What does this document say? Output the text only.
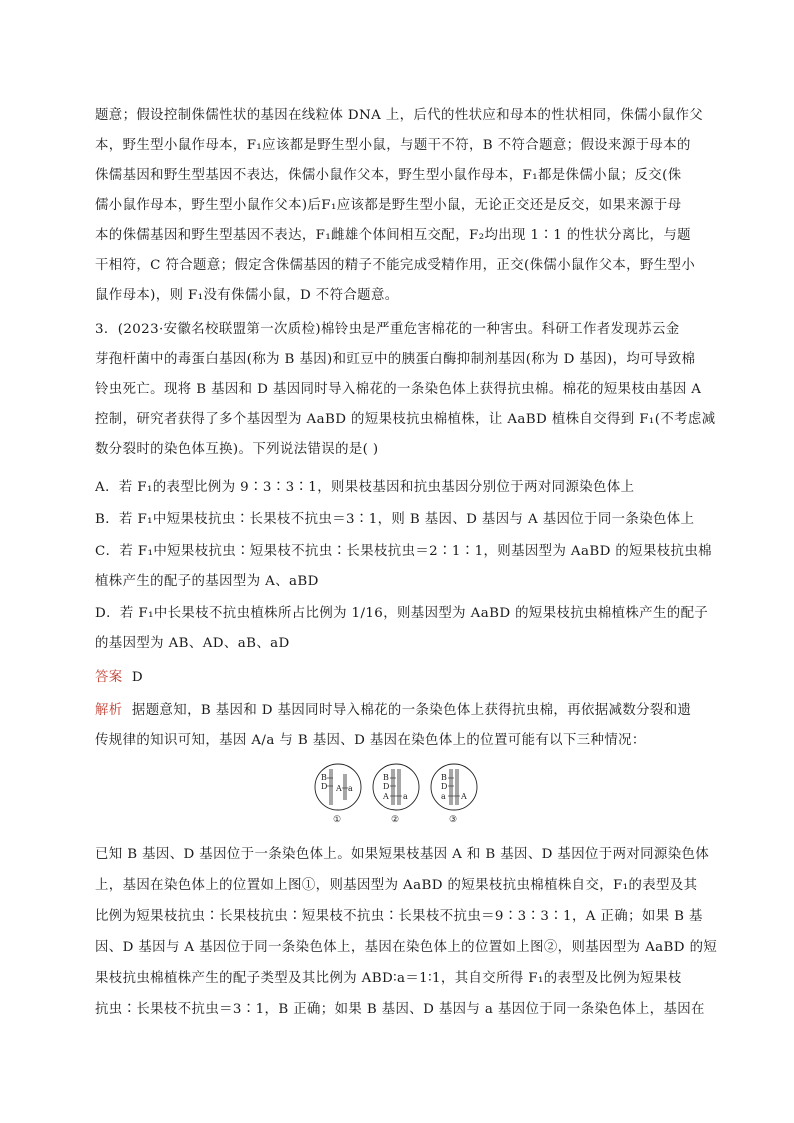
题意；假设控制侏儒性状的基因在线粒体 DNA 上，后代的性状应和母本的性状相同，侏儒小鼠作父
本，野生型小鼠作母本，F₁应该都是野生型小鼠，与题干不符，B 不符合题意；假设来源于母本的
侏儒基因和野生型基因不表达，侏儒小鼠作父本，野生型小鼠作母本，F₁都是侏儒小鼠；反交(侏
儒小鼠作母本，野生型小鼠作父本)后F₁应该都是野生型小鼠，无论正交还是反交，如果来源于母
本的侏儒基因和野生型基因不表达，F₁雌雄个体间相互交配，F₂均出现 1∶1 的性状分离比，与题
干相符，C 符合题意；假定含侏儒基因的精子不能完成受精作用，正交(侏儒小鼠作父本，野生型小
鼠作母本)，则 F₁没有侏儒小鼠，D 不符合题意。
3．(2023·安徽名校联盟第一次质检)棉铃虫是严重危害棉花的一种害虫。科研工作者发现苏云金
芽孢杆菌中的毒蛋白基因(称为 B 基因)和豇豆中的胰蛋白酶抑制剂基因(称为 D 基因)，均可导致棉
铃虫死亡。现将 B 基因和 D 基因同时导入棉花的一条染色体上获得抗虫棉。棉花的短果枝由基因 A
控制，研究者获得了多个基因型为 AaBD 的短果枝抗虫棉植株，让 AaBD 植株自交得到 F₁(不考虑减
数分裂时的染色体互换)。下列说法错误的是( )
A．若 F₁的表型比例为 9∶3∶3∶1，则果枝基因和抗虫基因分别位于两对同源染色体上
B．若 F₁中短果枝抗虫∶长果枝不抗虫＝3∶1，则 B 基因、D 基因与 A 基因位于同一条染色体上
C．若 F₁中短果枝抗虫∶短果枝不抗虫∶长果枝抗虫＝2∶1∶1，则基因型为 AaBD 的短果枝抗虫棉
植株产生的配子的基因型为 A、aBD
D．若 F₁中长果枝不抗虫植株所占比例为 1/16，则基因型为 AaBD 的短果枝抗虫棉植株产生的配子
的基因型为 AB、AD、aB、aD
答案 D
解析 据题意知，B 基因和 D 基因同时导入棉花的一条染色体上获得抗虫棉，再依据减数分裂和遗
传规律的知识可知，基因 A/a 与 B 基因、D 基因在染色体上的位置可能有以下三种情况：
B
D A a
①
B
D
A a
②
B
D
a A
③
已知 B 基因、D 基因位于一条染色体上。如果短果枝基因 A 和 B 基因、D 基因位于两对同源染色体
上，基因在染色体上的位置如上图①，则基因型为 AaBD 的短果枝抗虫棉植株自交，F₁的表型及其
比例为短果枝抗虫∶长果枝抗虫∶短果枝不抗虫∶长果枝不抗虫＝9∶3∶3∶1，A 正确；如果 B 基
因、D 基因与 A 基因位于同一条染色体上，基因在染色体上的位置如上图②，则基因型为 AaBD 的短
果枝抗虫棉植株产生的配子类型及其比例为 ABD∶a＝1∶1，其自交所得 F₁的表型及比例为短果枝
抗虫∶长果枝不抗虫＝3∶1，B 正确；如果 B 基因、D 基因与 a 基因位于同一条染色体上，基因在
